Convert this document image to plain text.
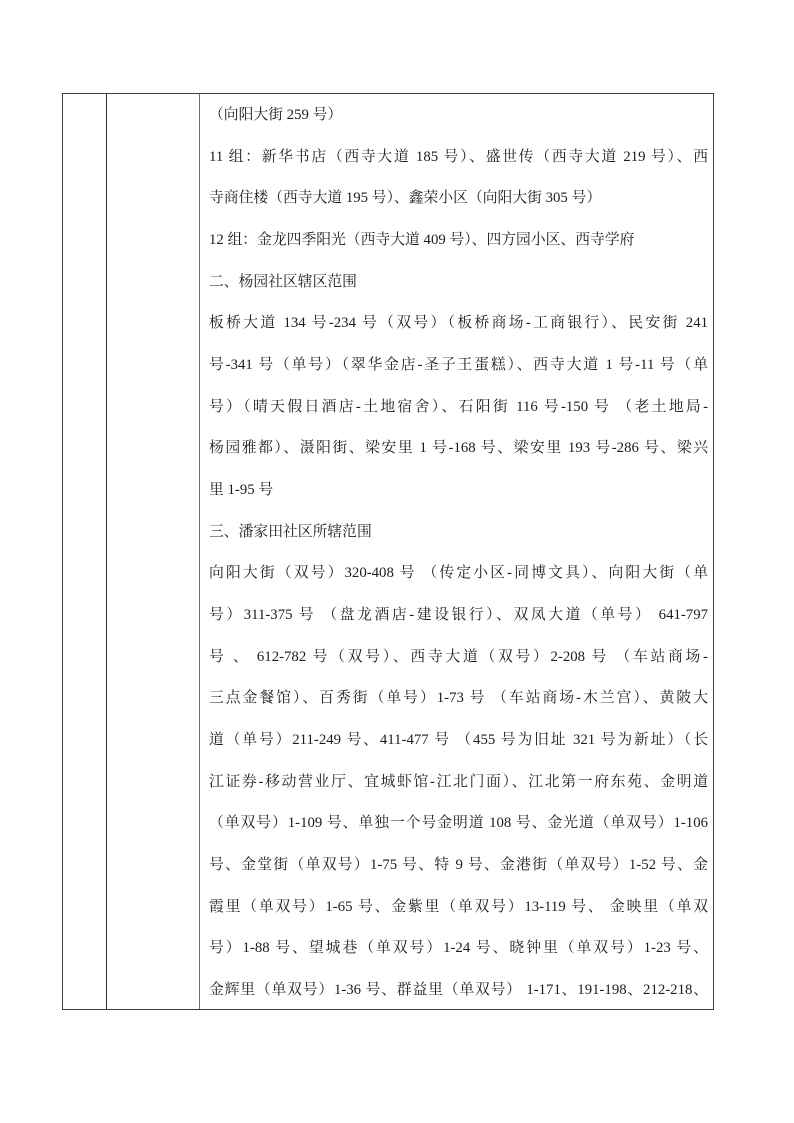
（向阳大街 259 号）
11 组：新华书店（西寺大道 185 号）、盛世传（西寺大道 219 号）、西
寺商住楼（西寺大道 195 号）、鑫荣小区（向阳大街 305 号）
12 组：金龙四季阳光（西寺大道 409 号）、四方园小区、西寺学府
二、杨园社区辖区范围
板桥大道 134 号-234 号（双号）（板桥商场-工商银行）、民安街 241
号-341 号（单号）（翠华金店-圣子王蛋糕）、西寺大道 1 号-11 号（单
号）（晴天假日酒店-土地宿舍）、石阳街 116 号-150 号 （老土地局-
杨园雅都）、滠阳街、梁安里 1 号-168 号、梁安里 193 号-286 号、梁兴
里 1-95 号
三、潘家田社区所辖范围
向阳大街（双号）320-408 号 （传定小区-同博文具）、向阳大街（单
号）311-375 号 （盘龙酒店-建设银行）、双凤大道（单号） 641-797
号 、 612-782 号（双号）、西寺大道（双号）2-208 号 （车站商场-
三点金餐馆）、百秀街（单号）1-73 号 （车站商场-木兰宫）、黄陂大
道（单号）211-249 号、411-477 号 （455 号为旧址 321 号为新址）（长
江证券-移动营业厅、宜城虾馆-江北门面）、江北第一府东苑、金明道
（单双号）1-109 号、单独一个号金明道 108 号、金光道（单双号）1-106
号、金堂街（单双号）1-75 号、特 9 号、金港街（单双号）1-52 号、金
霞里（单双号）1-65 号、金紫里（单双号）13-119 号、 金映里（单双
号）1-88 号、望城巷（单双号）1-24 号、晓钟里（单双号）1-23 号、
金辉里（单双号）1-36 号、群益里（单双号） 1-171、191-198、212-218、
